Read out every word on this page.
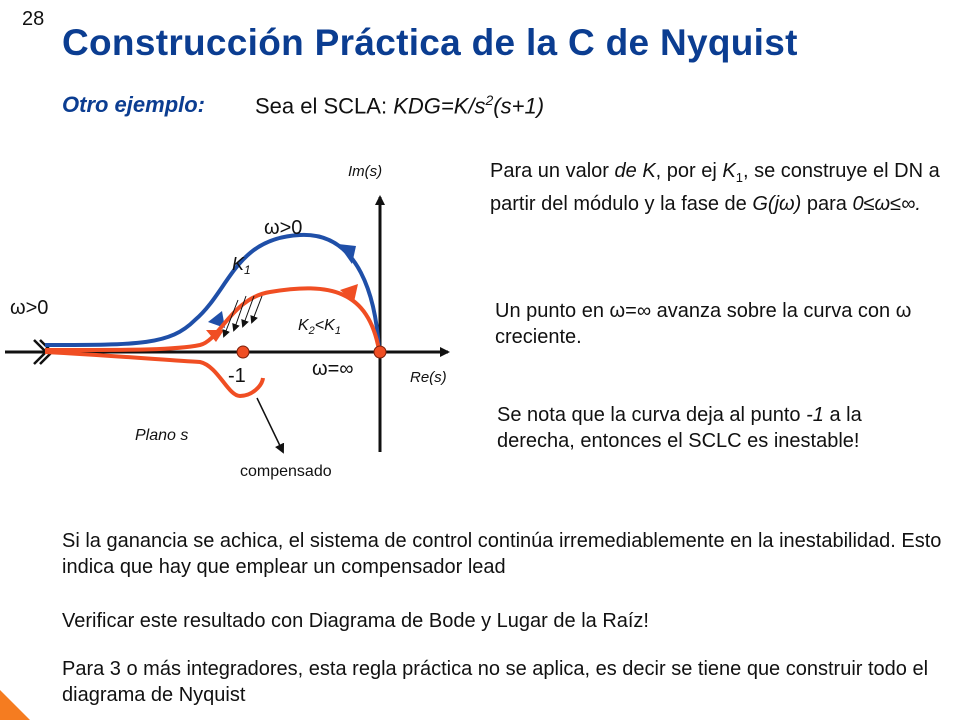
28
Construcción Práctica de la C de Nyquist
Otro ejemplo: Sea el SCLA: KDG=K/s$^2$(s+1)
Para un valor de K, por ej $K_1$, se construye el DN a partir del módulo y la fase de G(jω) para 0≤ω≤∞.
Un punto en ω=∞ avanza sobre la curva con ω creciente.
Se nota que la curva deja al punto -1 a la derecha, entonces el SCLC es inestable!
Si la ganancia se achica, el sistema de control continúa irremediablemente en la inestabilidad. Esto indica que hay que emplear un compensador lead
Verificar este resultado con Diagrama de Bode y Lugar de la Raíz!
Para 3 o más integradores, esta regla práctica no se aplica, es decir se tiene que construir todo el diagrama de Nyquist
Im(s)
Re(s)
ω>0
ω>0
$K_1$
$K_2<K_1$
ω=∞
-1
Plano s
compensado
